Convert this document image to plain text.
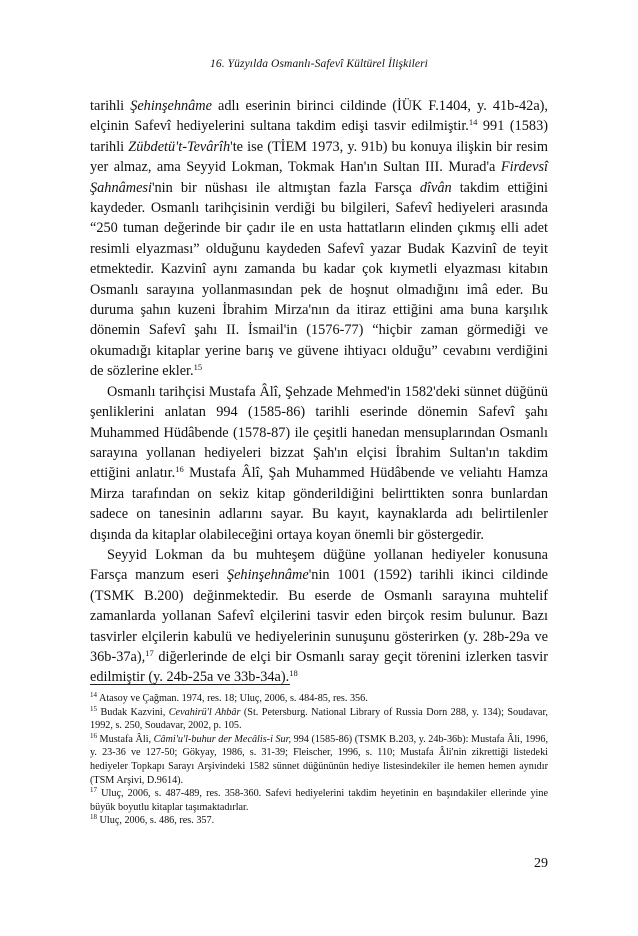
16. Yüzyılda Osmanlı-Safevî Kültürel İlişkileri

tarihli Şehinşehnâme adlı eserinin birinci cildinde (İÜK F.1404, y. 41b-42a), elçinin Safevî hediyelerini sultana takdim edişi tasvir edilmiştir.$^{14}$ 991 (1583) tarihli Zübdetü't-Tevârîh'te ise (TİEM 1973, y. 91b) bu konuya ilişkin bir resim yer almaz, ama Seyyid Lokman, Tokmak Han'ın Sultan III. Murad'a Firdevsî Şahnâmesi'nin bir nüshası ile altmıştan fazla Farsça dîvân takdim ettiğini kaydeder. Osmanlı tarihçisinin verdiği bu bilgileri, Safevî hediyeleri arasında “250 tuman değerinde bir çadır ile en usta hattatların elinden çıkmış elli adet resimli elyazması” olduğunu kaydeden Safevî yazar Budak Kazvinî de teyit etmektedir. Kazvinî aynı zamanda bu kadar çok kıymetli elyazması kitabın Osmanlı sarayına yollanmasından pek de hoşnut olmadığını imâ eder. Bu duruma şahın kuzeni İbrahim Mirza'nın da itiraz ettiğini ama buna karşılık dönemin Safevî şahı II. İsmail'in (1576-77) “hiçbir zaman görmediği ve okumadığı kitaplar yerine barış ve güvene ihtiyacı olduğu” cevabını verdiğini de sözlerine ekler.$^{15}$

Osmanlı tarihçisi Mustafa Âlî, Şehzade Mehmed'in 1582'deki sünnet düğünü şenliklerini anlatan 994 (1585-86) tarihli eserinde dönemin Safevî şahı Muhammed Hüdâbende (1578-87) ile çeşitli hanedan mensuplarından Osmanlı sarayına yollanan hediyeleri bizzat Şah'ın elçisi İbrahim Sultan'ın takdim ettiğini anlatır.$^{16}$ Mustafa Âlî, Şah Muhammed Hüdâbende ve veliahtı Hamza Mirza tarafından on sekiz kitap gönderildiğini belirttikten sonra bunlardan sadece on tanesinin adlarını sayar. Bu kayıt, kaynaklarda adı belirtilenler dışında da kitaplar olabileceğini ortaya koyan önemli bir göstergedir.

Seyyid Lokman da bu muhteşem düğüne yollanan hediyeler konusuna Farsça manzum eseri Şehinşehnâme'nin 1001 (1592) tarihli ikinci cildinde (TSMK B.200) değinmektedir. Bu eserde de Osmanlı sarayına muhtelif zamanlarda yollanan Safevî elçilerini tasvir eden birçok resim bulunur. Bazı tasvirler elçilerin kabulü ve hediyelerinin sunuşunu gösterirken (y. 28b-29a ve 36b-37a),$^{17}$ diğerlerinde de elçi bir Osmanlı saray geçit törenini izlerken tasvir edilmiştir (y. 24b-25a ve 33b-34a).$^{18}$

$^{14}$ Atasoy ve Çağman. 1974, res. 18; Uluç, 2006, s. 484-85, res. 356.

$^{15}$ Budak Kazvini, Cevahirü'l Ahbâr (St. Petersburg. National Library of Russia Dorn 288, y. 134); Soudavar, 1992, s. 250, Soudavar, 2002, p. 105.

$^{16}$ Mustafa Âli, Câmi'u'l-buhur der Mecâlis-i Sur, 994 (1585-86) (TSMK B.203, y. 24b-36b): Mustafa Âli, 1996, y. 23-36 ve 127-50; Gökyay, 1986, s. 31-39; Fleischer, 1996, s. 110; Mustafa Âli'nin zikrettiği listedeki hediyeler Topkapı Sarayı Arşivindeki 1582 sünnet düğününün hediye listesindekiler ile hemen hemen aynıdır (TSM Arşivi, D.9614).

$^{17}$ Uluç, 2006, s. 487-489, res. 358-360. Safevi hediyelerini takdim heyetinin en başındakiler ellerinde yine büyük boyutlu kitaplar taşımaktadırlar.

$^{18}$ Uluç, 2006, s. 486, res. 357.

29
